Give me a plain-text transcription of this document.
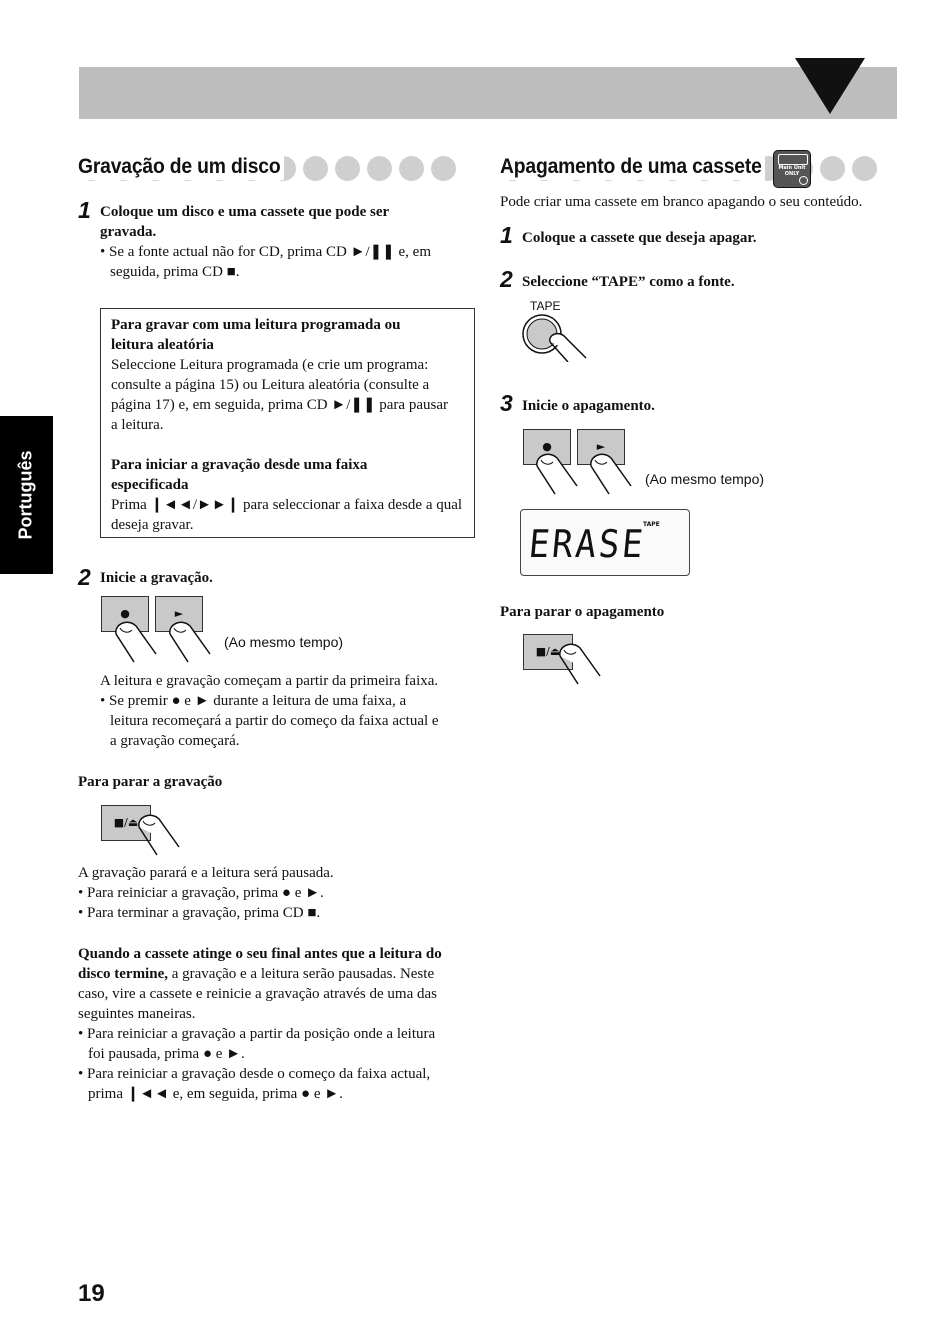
Português
Gravação de um disco
1 Coloque um disco e uma cassete que pode ser
gravada.
• Se a fonte actual não for CD, prima CD ►/❚❚ e, em
seguida, prima CD ■.
Para gravar com uma leitura programada ou
leitura aleatória
Seleccione Leitura programada (e crie um programa:
consulte a página 15) ou Leitura aleatória (consulte a
página 17) e, em seguida, prima CD ►/❚❚ para pausar
a leitura.
Para iniciar a gravação desde uma faixa
especificada
Prima ❙◄◄/►►❙ para seleccionar a faixa desde a qual
deseja gravar.
2 Inicie a gravação.
●	►
(Ao mesmo tempo)
A leitura e gravação começam a partir da primeira faixa.
• Se premir ● e ► durante a leitura de uma faixa, a
leitura recomeçará a partir do começo da faixa actual e
a gravação começará.
Para parar a gravação
■/⏏
A gravação parará e a leitura será pausada.
• Para reiniciar a gravação, prima ● e ►.
• Para terminar a gravação, prima CD ■.
Quando a cassete atinge o seu final antes que a leitura do
disco termine, a gravação e a leitura serão pausadas. Neste
caso, vire a cassete e reinicie a gravação através de uma das
seguintes maneiras.
• Para reiniciar a gravação a partir da posição onde a leitura
foi pausada, prima ● e ►.
• Para reiniciar a gravação desde o começo da faixa actual,
prima ❙◄◄ e, em seguida, prima ● e ►.
Apagamento de uma cassete	Main Unit
ONLY
Pode criar uma cassete em branco apagando o seu conteúdo.
1 Coloque a cassete que deseja apagar.
2 Seleccione “TAPE” como a fonte.
TAPE
3 Inicie o apagamento.
●	►
(Ao mesmo tempo)
ERASE
TAPE
Para parar o apagamento
■/⏏
19
